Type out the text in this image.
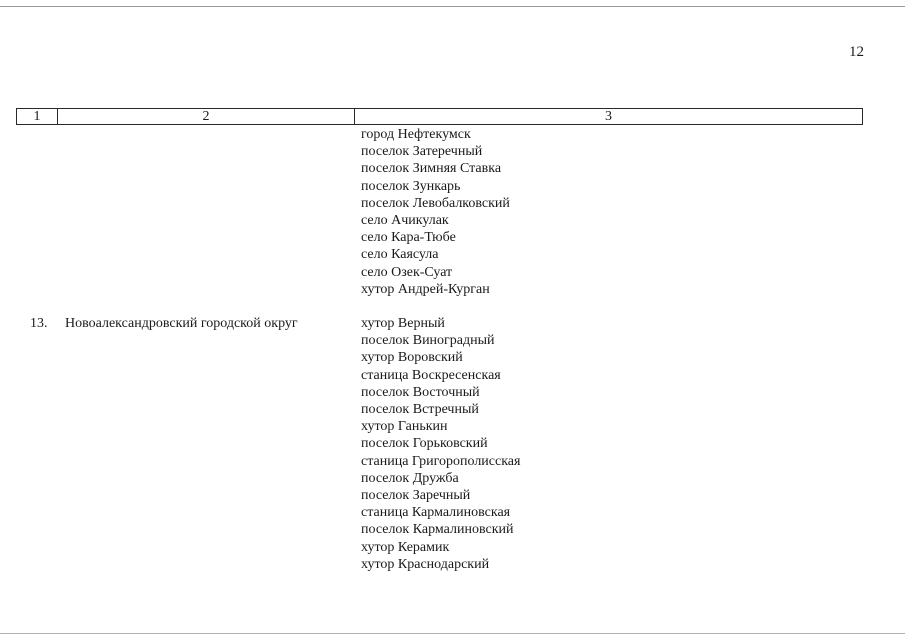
12
1	2	3
город Нефтекумск
поселок Затеречный
поселок Зимняя Ставка
поселок Зункарь
поселок Левобалковский
село Ачикулак
село Кара-Тюбе
село Каясула
село Озек-Суат
хутор Андрей-Курган
13. Новоалександровский городской округ	хутор Верный
поселок Виноградный
хутор Воровский
станица Воскресенская
поселок Восточный
поселок Встречный
хутор Ганькин
поселок Горьковский
станица Григорополисская
поселок Дружба
поселок Заречный
станица Кармалиновская
поселок Кармалиновский
хутор Керамик
хутор Краснодарский
